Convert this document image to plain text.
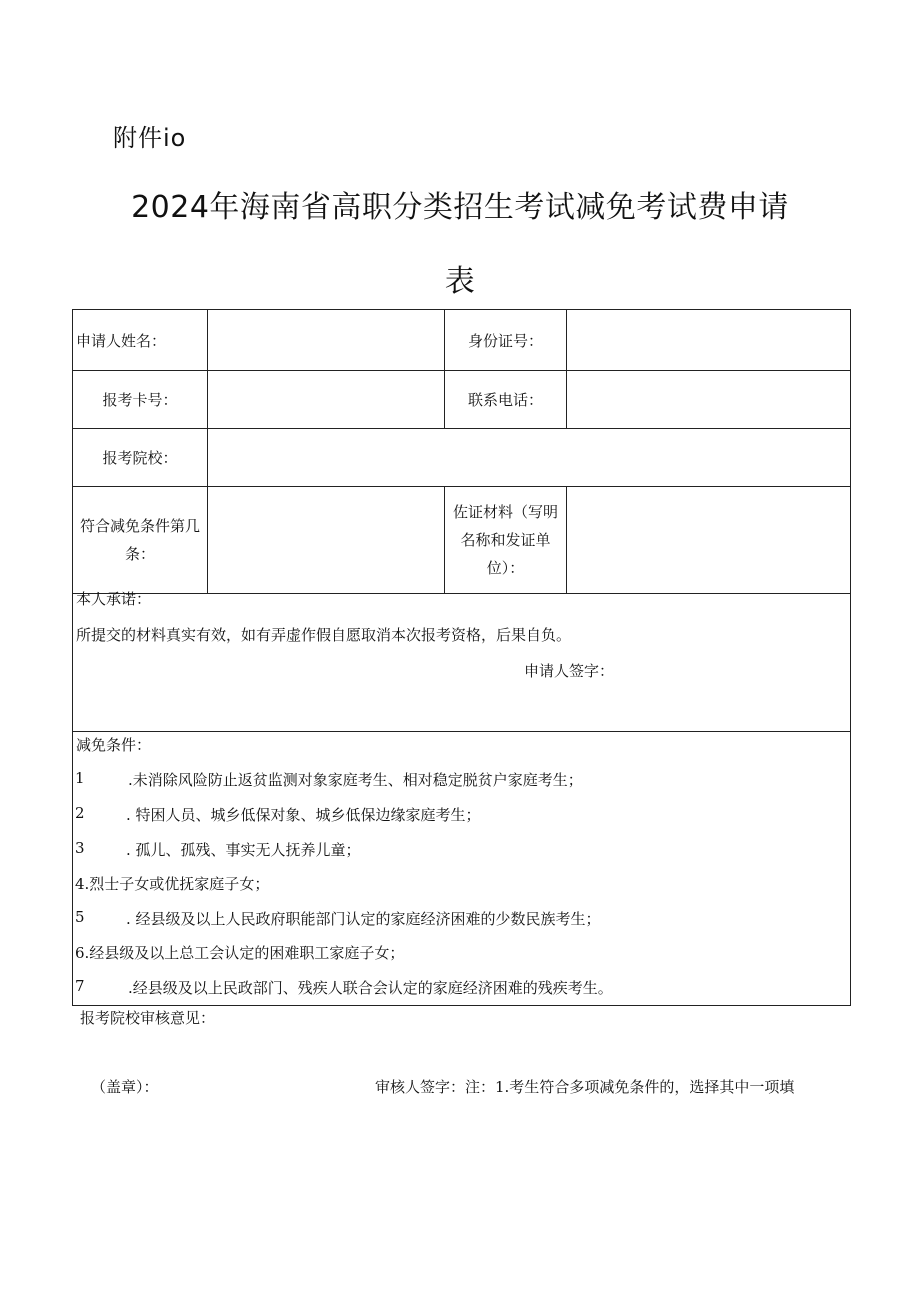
附件io
2024年海南省高职分类招生考试减免考试费申请
表
申请人姓名：	身份证号：
报考卡号：	联系电话：
报考院校：
符合减免条件第几条：
佐证材料（写明名称和发证单位）：
本人承诺：
所提交的材料真实有效，如有弄虚作假自愿取消本次报考资格，后果自负。
申请人签字：
减免条件：
1	.未消除风险防止返贫监测对象家庭考生、相对稳定脱贫户家庭考生；
2	. 特困人员、城乡低保对象、城乡低保边缘家庭考生；
3	. 孤儿、孤残、事实无人抚养儿童；
4.烈士子女或优抚家庭子女；
5	. 经县级及以上人民政府职能部门认定的家庭经济困难的少数民族考生；
6.经县级及以上总工会认定的困难职工家庭子女；
7	.经县级及以上民政部门、残疾人联合会认定的家庭经济困难的残疾考生。
报考院校审核意见：
（盖章）：	审核人签字：注：1.考生符合多项减免条件的，选择其中一项填
